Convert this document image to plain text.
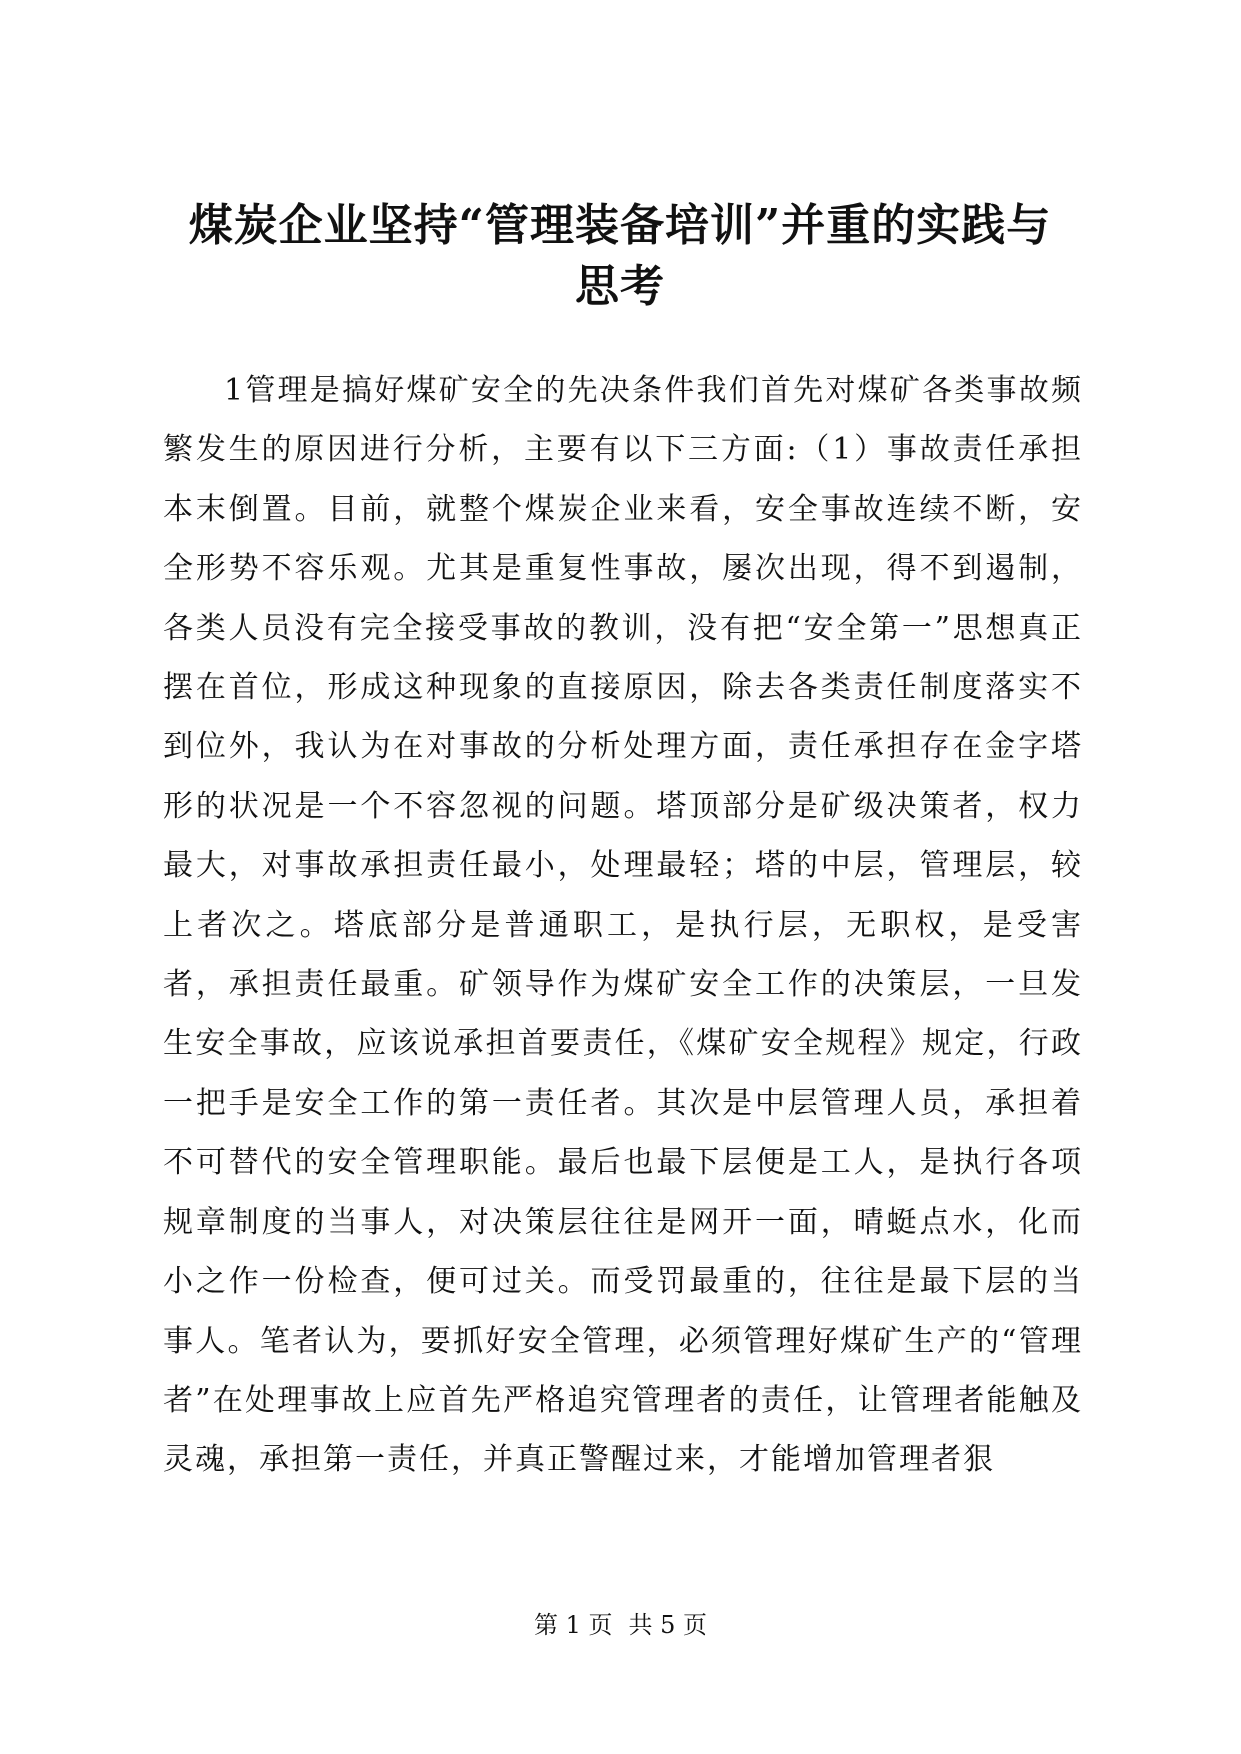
煤炭企业坚持“管理装备培训”并重的实践与
思考
1管理是搞好煤矿安全的先决条件我们首先对煤矿各类事故频繁发生的原因进行分析，主要有以下三方面:（1）事故责任承担本末倒置。目前，就整个煤炭企业来看，安全事故连续不断，安全形势不容乐观。尤其是重复性事故，屡次出现，得不到遏制，各类人员没有完全接受事故的教训，没有把“安全第一”思想真正摆在首位，形成这种现象的直接原因，除去各类责任制度落实不到位外，我认为在对事故的分析处理方面，责任承担存在金字塔形的状况是一个不容忽视的问题。塔顶部分是矿级决策者，权力最大，对事故承担责任最小，处理最轻；塔的中层，管理层，较上者次之。塔底部分是普通职工，是执行层，无职权，是受害者，承担责任最重。矿领导作为煤矿安全工作的决策层，一旦发生安全事故，应该说承担首要责任，《煤矿安全规程》规定，行政一把手是安全工作的第一责任者。其次是中层管理人员，承担着不可替代的安全管理职能。最后也最下层便是工人，是执行各项规章制度的当事人，对决策层往往是网开一面，晴蜓点水，化而小之作一份检查，便可过关。而受罚最重的，往往是最下层的当事人。笔者认为，要抓好安全管理，必须管理好煤矿生产的“管理者”在处理事故上应首先严格追究管理者的责任，让管理者能触及灵魂，承担第一责任，并真正警醒过来，才能增加管理者狠
第 1 页 共 5 页
